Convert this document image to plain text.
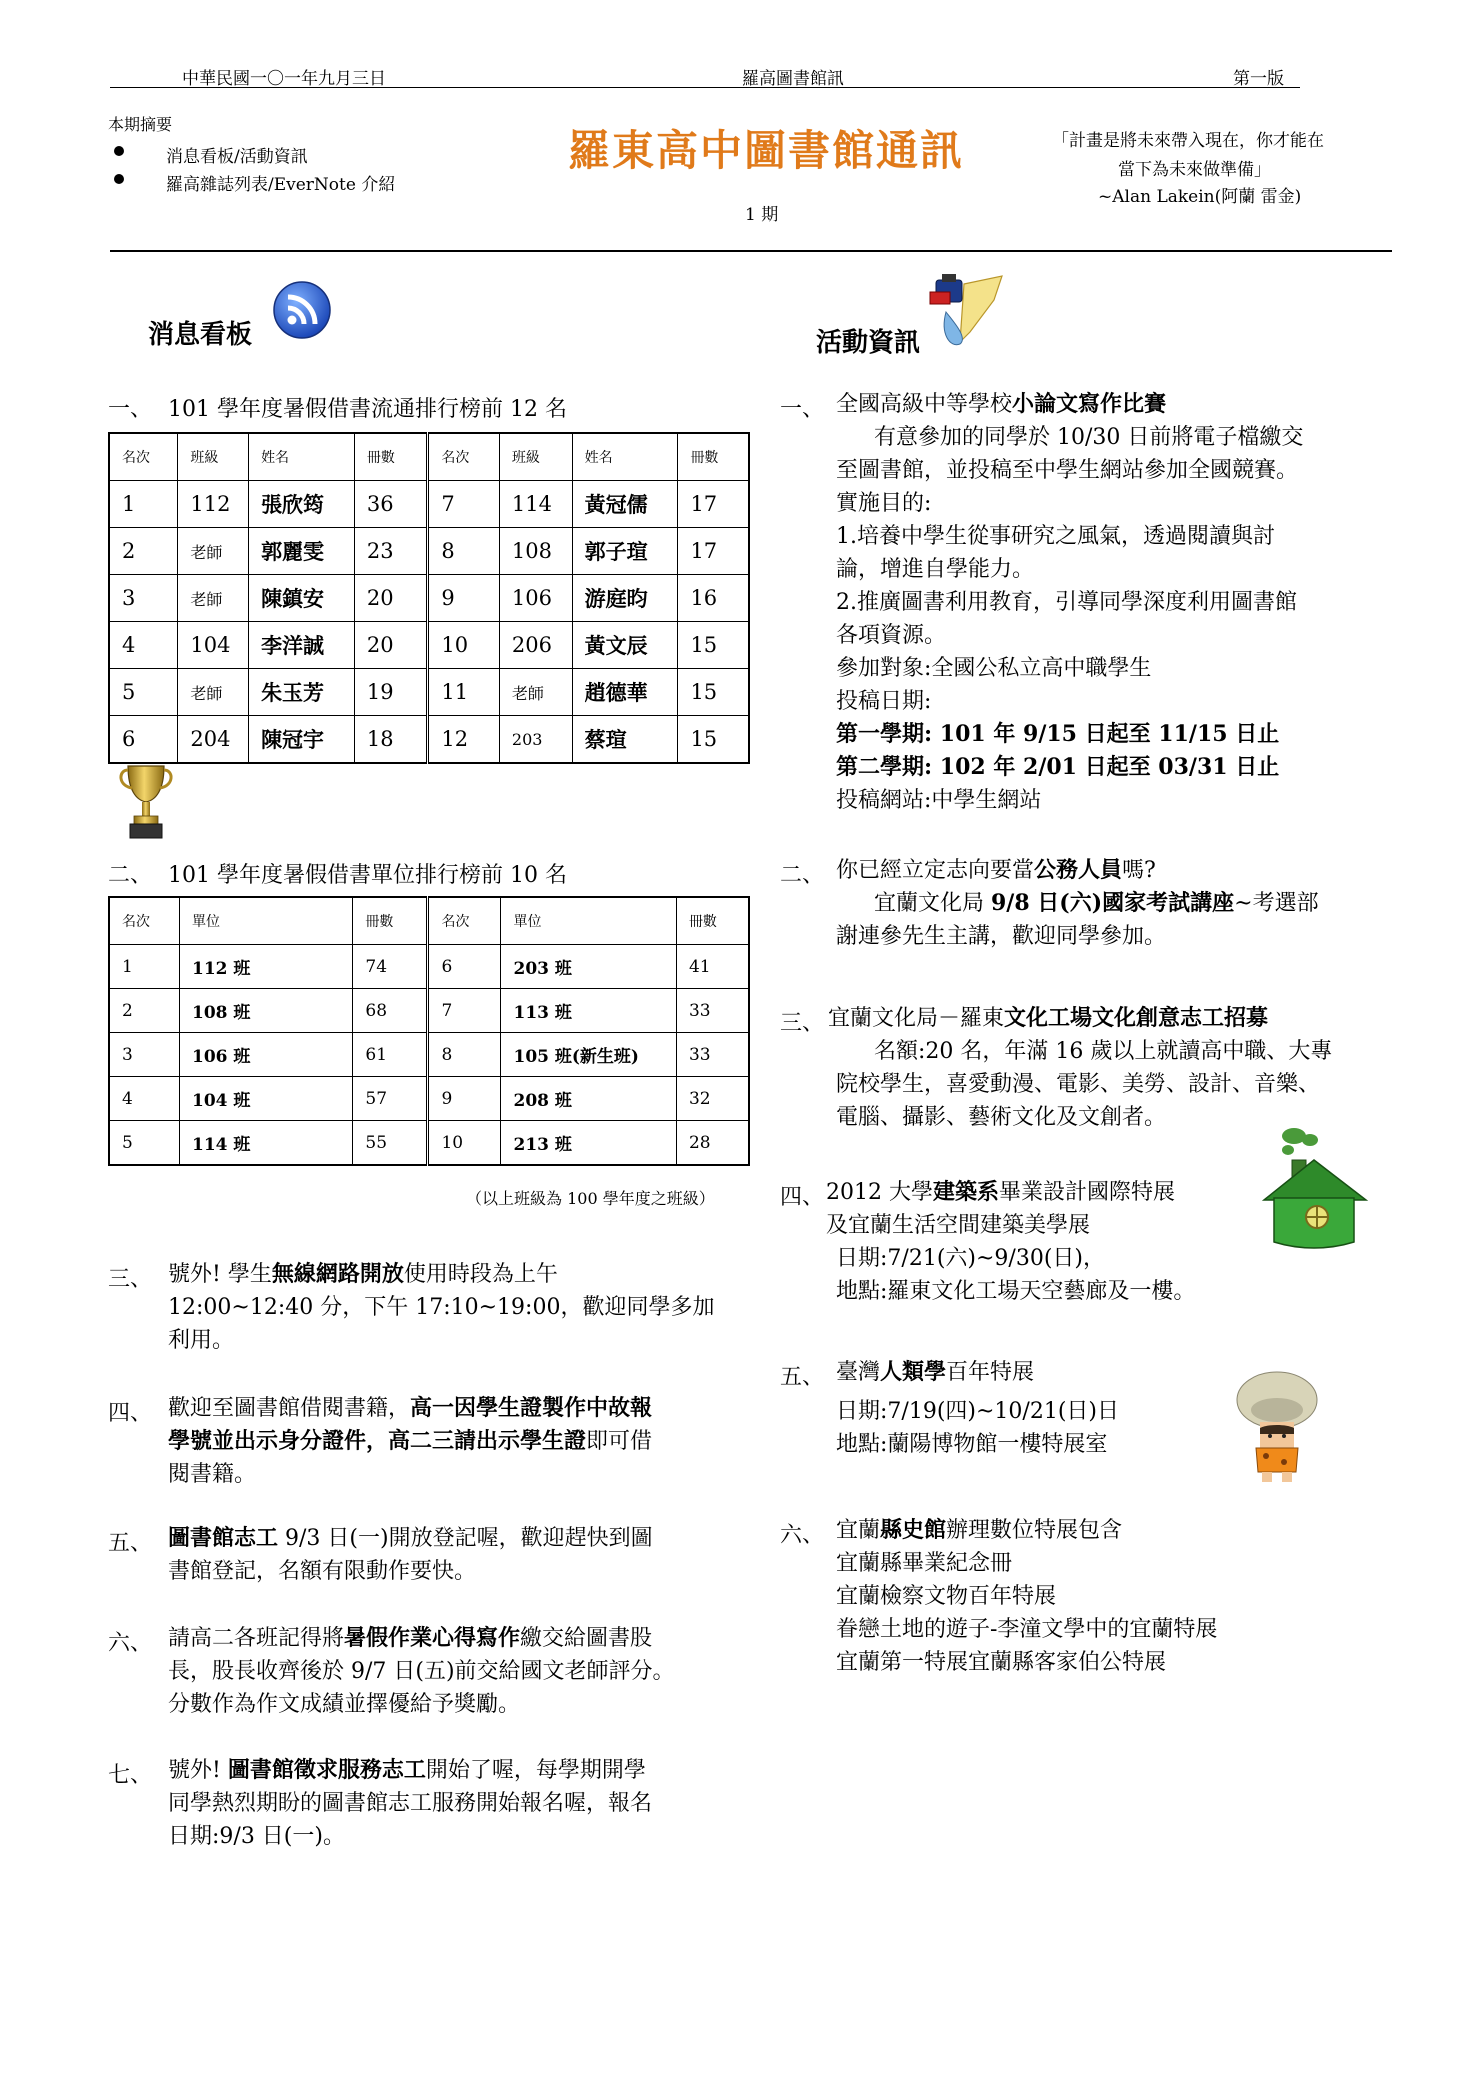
中華民國一〇一年九月三日	羅高圖書館訊	第一版
本期摘要
消息看板/活動資訊
羅高雜誌列表/EverNote 介紹
羅東高中圖書館通訊
1 期
「計畫是將未來帶入現在，你才能在
當下為未來做準備」
~Alan Lakein(阿蘭 雷金)
消息看板
一、 101 學年度暑假借書流通排行榜前 12 名
名次	班級	姓名	冊數	名次	班級	姓名	冊數
1	112	張欣筠	36	7	114	黃冠儒	17
2	老師	郭麗雯	23	8	108	郭子瑄	17
3	老師	陳鎮安	20	9	106	游庭昀	16
4	104	李洋誠	20	10	206	黃文辰	15
5	老師	朱玉芳	19	11	老師	趙德華	15
6	204	陳冠宇	18	12	203	蔡瑄	15
二、 101 學年度暑假借書單位排行榜前 10 名
名次	單位	冊數	名次	單位	冊數
1	112 班	74	6	203 班	41
2	108 班	68	7	113 班	33
3	106 班	61	8	105 班(新生班)	33
4	104 班	57	9	208 班	32
5	114 班	55	10	213 班	28
（以上班級為 100 學年度之班級）
三、 號外! 學生無線網路開放使用時段為上午
12:00~12:40 分，下午 17:10~19:00，歡迎同學多加
利用。
四、 歡迎至圖書館借閱書籍，高一因學生證製作中故報
學號並出示身分證件，高二三請出示學生證即可借
閱書籍。
五、 圖書館志工 9/3 日(一)開放登記喔，歡迎趕快到圖
書館登記，名額有限動作要快。
六、 請高二各班記得將暑假作業心得寫作繳交給圖書股
長，股長收齊後於 9/7 日(五)前交給國文老師評分。
分數作為作文成績並擇優給予獎勵。
七、 號外! 圖書館徵求服務志工開始了喔，每學期開學
同學熱烈期盼的圖書館志工服務開始報名喔，報名
日期:9/3 日(一)。
活動資訊
一、 全國高級中等學校小論文寫作比賽
有意參加的同學於 10/30 日前將電子檔繳交
至圖書館，並投稿至中學生網站參加全國競賽。
實施目的:
1.培養中學生從事研究之風氣，透過閱讀與討
論，增進自學能力。
2.推廣圖書利用教育，引導同學深度利用圖書館
各項資源。
參加對象:全國公私立高中職學生
投稿日期:
第一學期: 101 年 9/15 日起至 11/15 日止
第二學期: 102 年 2/01 日起至 03/31 日止
投稿網站:中學生網站
二、 你已經立定志向要當公務人員嗎?
宜蘭文化局 9/8 日(六)國家考試講座~考選部
謝連參先生主講，歡迎同學參加。
三、 宜蘭文化局－羅東文化工場文化創意志工招募
名額:20 名，年滿 16 歲以上就讀高中職、大專
院校學生，喜愛動漫、電影、美勞、設計、音樂、
電腦、攝影、藝術文化及文創者。
四、 2012 大學建築系畢業設計國際特展
及宜蘭生活空間建築美學展
日期:7/21(六)~9/30(日)，
地點:羅東文化工場天空藝廊及一樓。
五、 臺灣人類學百年特展
日期:7/19(四)~10/21(日)日
地點:蘭陽博物館一樓特展室
六、 宜蘭縣史館辦理數位特展包含
宜蘭縣畢業紀念冊
宜蘭檢察文物百年特展
眷戀土地的遊子-李潼文學中的宜蘭特展
宜蘭第一特展宜蘭縣客家伯公特展
